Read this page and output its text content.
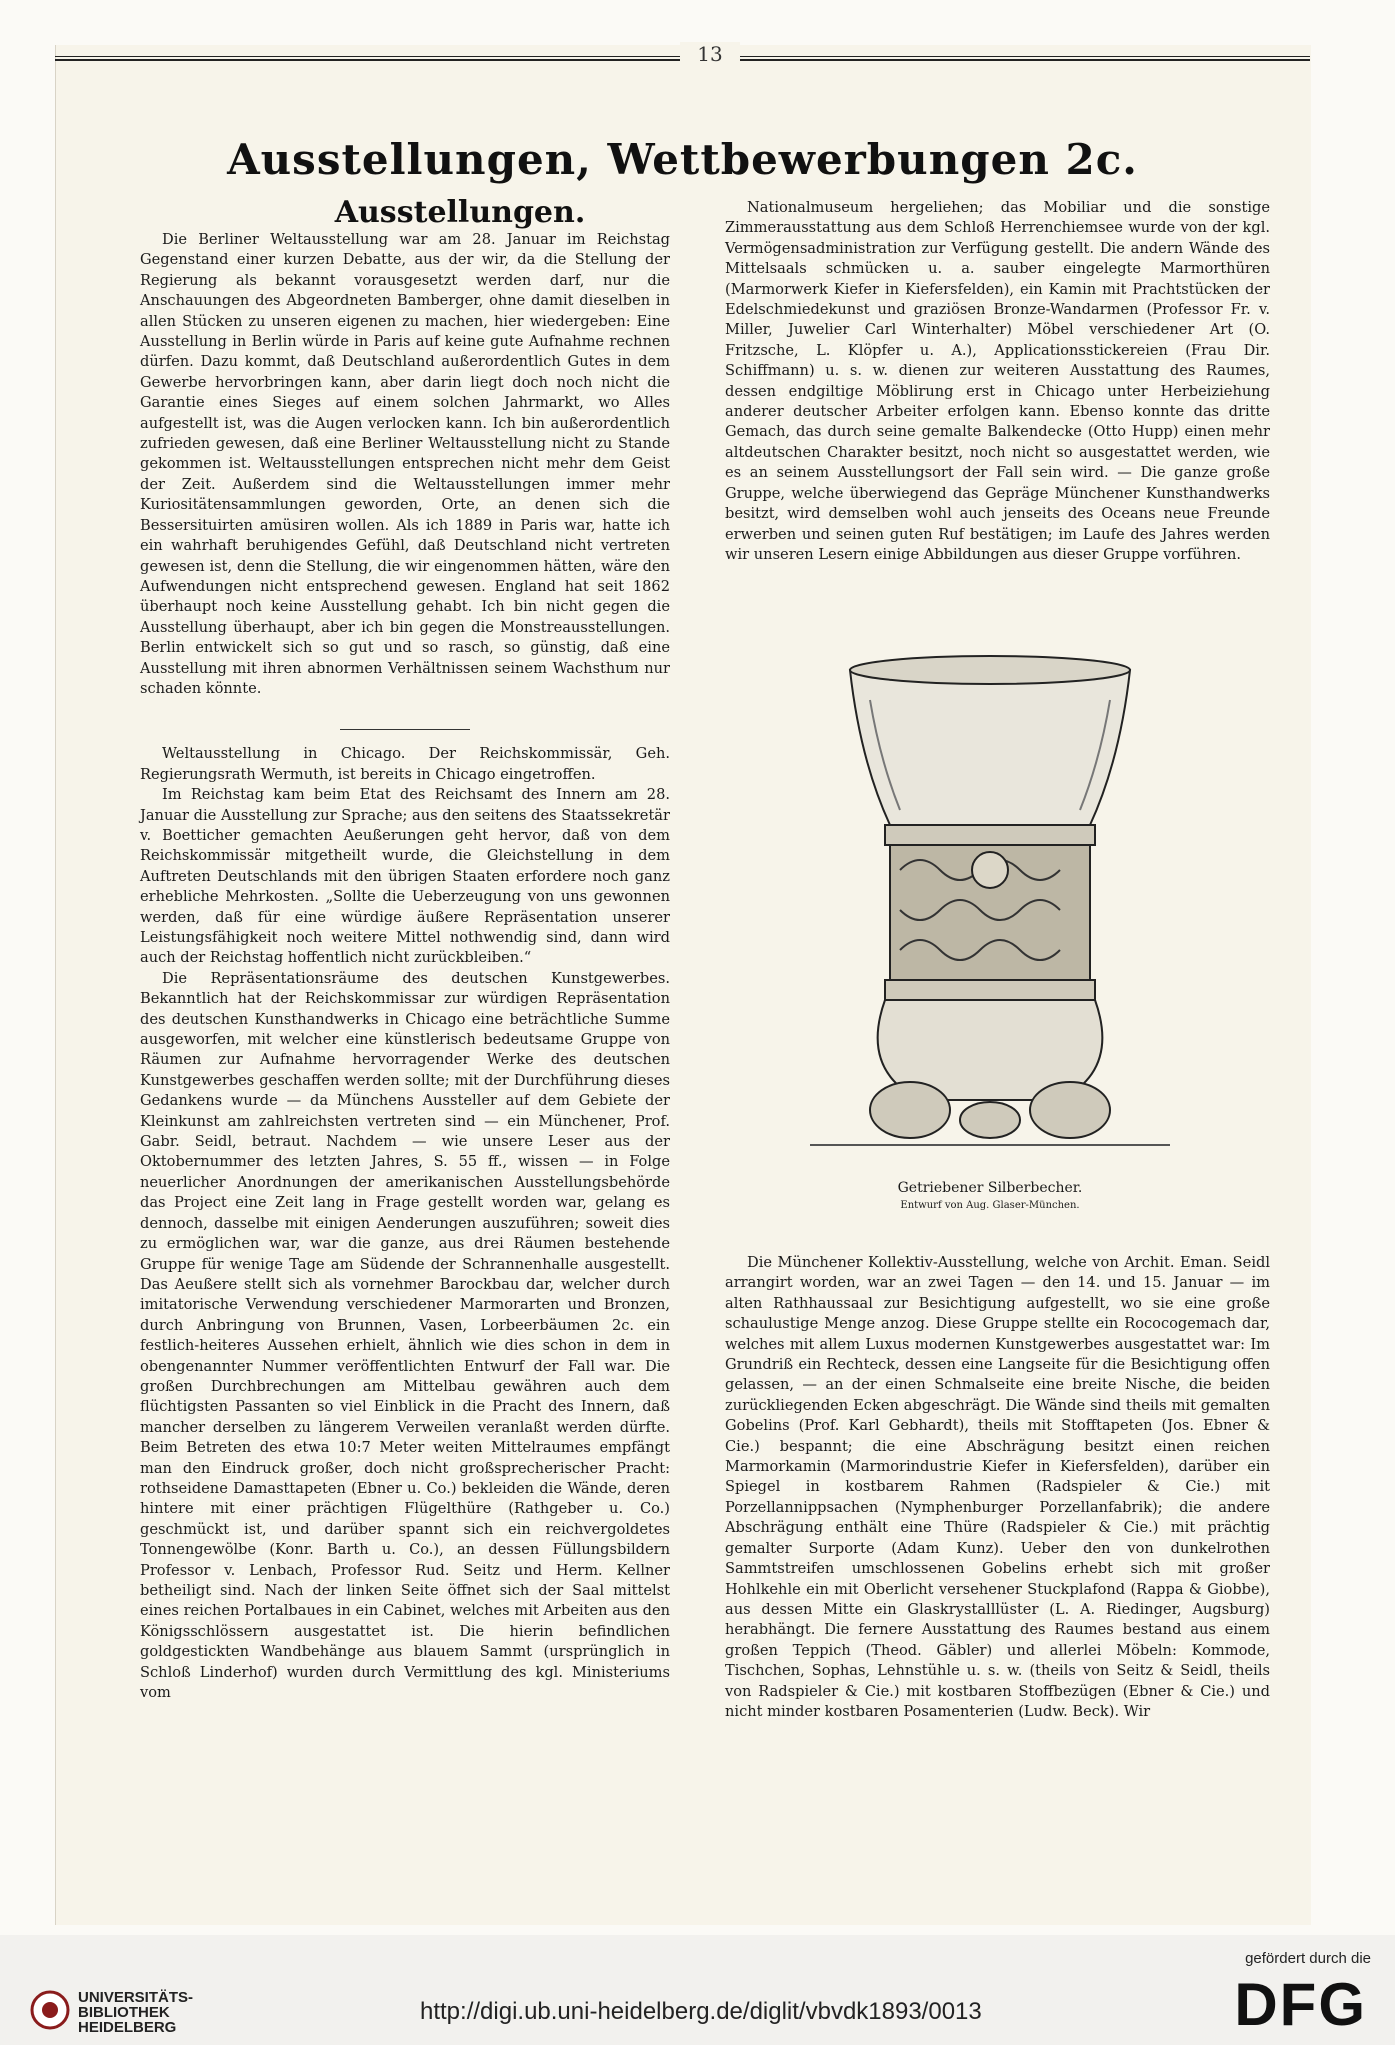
13
Ausstellungen, Wettbewerbungen 2c.
Ausstellungen.

Die Berliner Weltausstellung war am 28. Januar im Reichstag Gegenstand einer kurzen Debatte, aus der wir, da die Stellung der Regierung als bekannt vorausgesetzt werden darf, nur die Anschauungen des Abgeordneten Bamberger, ohne damit dieselben in allen Stücken zu unseren eigenen zu machen, hier wiedergeben: Eine Ausstellung in Berlin würde in Paris auf keine gute Aufnahme rechnen dürfen. Dazu kommt, daß Deutschland außerordentlich Gutes in dem Gewerbe hervorbringen kann, aber darin liegt doch noch nicht die Garantie eines Sieges auf einem solchen Jahrmarkt, wo Alles aufgestellt ist, was die Augen verlocken kann. Ich bin außerordentlich zufrieden gewesen, daß eine Berliner Weltausstellung nicht zu Stande gekommen ist. Weltausstellungen entsprechen nicht mehr dem Geist der Zeit. Außerdem sind die Weltausstellungen immer mehr Kuriositätensammlungen geworden, Orte, an denen sich die Bessersituirten amüsiren wollen. Als ich 1889 in Paris war, hatte ich ein wahrhaft beruhigendes Gefühl, daß Deutschland nicht vertreten gewesen ist, denn die Stellung, die wir eingenommen hätten, wäre den Aufwendungen nicht entsprechend gewesen. England hat seit 1862 überhaupt noch keine Ausstellung gehabt. Ich bin nicht gegen die Ausstellung überhaupt, aber ich bin gegen die Monstreausstellungen. Berlin entwickelt sich so gut und so rasch, so günstig, daß eine Ausstellung mit ihren abnormen Verhältnissen seinem Wachsthum nur schaden könnte.

Weltausstellung in Chicago. Der Reichskommissär, Geh. Regierungsrath Wermuth, ist bereits in Chicago eingetroffen.

Im Reichstag kam beim Etat des Reichsamt des Innern am 28. Januar die Ausstellung zur Sprache; aus den seitens des Staatssekretär v. Boetticher gemachten Aeußerungen geht hervor, daß von dem Reichskommissär mitgetheilt wurde, die Gleichstellung in dem Auftreten Deutschlands mit den übrigen Staaten erfordere noch ganz erhebliche Mehrkosten. „Sollte die Ueberzeugung von uns gewonnen werden, daß für eine würdige äußere Repräsentation unserer Leistungsfähigkeit noch weitere Mittel nothwendig sind, dann wird auch der Reichstag hoffentlich nicht zurückbleiben.“

Die Repräsentationsräume des deutschen Kunstgewerbes. Bekanntlich hat der Reichskommissar zur würdigen Repräsentation des deutschen Kunsthandwerks in Chicago eine beträchtliche Summe ausgeworfen, mit welcher eine künstlerisch bedeutsame Gruppe von Räumen zur Aufnahme hervorragender Werke des deutschen Kunstgewerbes geschaffen werden sollte; mit der Durchführung dieses Gedankens wurde — da Münchens Aussteller auf dem Gebiete der Kleinkunst am zahlreichsten vertreten sind — ein Münchener, Prof. Gabr. Seidl, betraut. Nachdem — wie unsere Leser aus der Oktobernummer des letzten Jahres, S. 55 ff., wissen — in Folge neuerlicher Anordnungen der amerikanischen Ausstellungsbehörde das Project eine Zeit lang in Frage gestellt worden war, gelang es dennoch, dasselbe mit einigen Aenderungen auszuführen; soweit dies zu ermöglichen war, war die ganze, aus drei Räumen bestehende Gruppe für wenige Tage am Südende der Schrannenhalle ausgestellt. Das Aeußere stellt sich als vornehmer Barockbau dar, welcher durch imitatorische Verwendung verschiedener Marmorarten und Bronzen, durch Anbringung von Brunnen, Vasen, Lorbeerbäumen 2c. ein festlich-heiteres Aussehen erhielt, ähnlich wie dies schon in dem in obengenannter Nummer veröffentlichten Entwurf der Fall war. Die großen Durchbrechungen am Mittelbau gewähren auch dem flüchtigsten Passanten so viel Einblick in die Pracht des Innern, daß mancher derselben zu längerem Verweilen veranlaßt werden dürfte. Beim Betreten des etwa 10:7 Meter weiten Mittelraumes empfängt man den Eindruck großer, doch nicht großsprecherischer Pracht: rothseidene Damasttapeten (Ebner u. Co.) bekleiden die Wände, deren hintere mit einer prächtigen Flügelthüre (Rathgeber u. Co.) geschmückt ist, und darüber spannt sich ein reichvergoldetes Tonnengewölbe (Konr. Barth u. Co.), an dessen Füllungsbildern Professor v. Lenbach, Professor Rud. Seitz und Herm. Kellner betheiligt sind. Nach der linken Seite öffnet sich der Saal mittelst eines reichen Portalbaues in ein Cabinet, welches mit Arbeiten aus den Königsschlössern ausgestattet ist. Die hierin befindlichen goldgestickten Wandbehänge aus blauem Sammt (ursprünglich in Schloß Linderhof) wurden durch Vermittlung des kgl. Ministeriums vom

Nationalmuseum hergeliehen; das Mobiliar und die sonstige Zimmerausstattung aus dem Schloß Herrenchiemsee wurde von der kgl. Vermögensadministration zur Verfügung gestellt. Die andern Wände des Mittelsaals schmücken u. a. sauber eingelegte Marmorthüren (Marmorwerk Kiefer in Kiefersfelden), ein Kamin mit Prachtstücken der Edelschmiedekunst und graziösen Bronze-Wandarmen (Professor Fr. v. Miller, Juwelier Carl Winterhalter) Möbel verschiedener Art (O. Fritzsche, L. Klöpfer u. A.), Applicationsstickereien (Frau Dir. Schiffmann) u. s. w. dienen zur weiteren Ausstattung des Raumes, dessen endgiltige Möblirung erst in Chicago unter Herbeiziehung anderer deutscher Arbeiter erfolgen kann. Ebenso konnte das dritte Gemach, das durch seine gemalte Balkendecke (Otto Hupp) einen mehr altdeutschen Charakter besitzt, noch nicht so ausgestattet werden, wie es an seinem Ausstellungsort der Fall sein wird. — Die ganze große Gruppe, welche überwiegend das Gepräge Münchener Kunsthandwerks besitzt, wird demselben wohl auch jenseits des Oceans neue Freunde erwerben und seinen guten Ruf bestätigen; im Laufe des Jahres werden wir unseren Lesern einige Abbildungen aus dieser Gruppe vorführen.

Die Münchener Kollektiv-Ausstellung, welche von Archit. Eman. Seidl arrangirt worden, war an zwei Tagen — den 14. und 15. Januar — im alten Rathhaussaal zur Besichtigung aufgestellt, wo sie eine große schaulustige Menge anzog. Diese Gruppe stellte ein Rococogemach dar, welches mit allem Luxus modernen Kunstgewerbes ausgestattet war: Im Grundriß ein Rechteck, dessen eine Langseite für die Besichtigung offen gelassen, — an der einen Schmalseite eine breite Nische, die beiden zurückliegenden Ecken abgeschrägt. Die Wände sind theils mit gemalten Gobelins (Prof. Karl Gebhardt), theils mit Stofftapeten (Jos. Ebner & Cie.) bespannt; die eine Abschrägung besitzt einen reichen Marmorkamin (Marmorindustrie Kiefer in Kiefersfelden), darüber ein Spiegel in kostbarem Rahmen (Radspieler & Cie.) mit Porzellannippsachen (Nymphenburger Porzellanfabrik); die andere Abschrägung enthält eine Thüre (Radspieler & Cie.) mit prächtig gemalter Surporte (Adam Kunz). Ueber den von dunkelrothen Sammtstreifen umschlossenen Gobelins erhebt sich mit großer Hohlkehle ein mit Oberlicht versehener Stuckplafond (Rappa & Giobbe), aus dessen Mitte ein Glaskrystalllüster (L. A. Riedinger, Augsburg) herabhängt. Die fernere Ausstattung des Raumes bestand aus einem großen Teppich (Theod. Gäbler) und allerlei Möbeln: Kommode, Tischchen, Sophas, Lehnstühle u. s. w. (theils von Seitz & Seidl, theils von Radspieler & Cie.) mit kostbaren Stoffbezügen (Ebner & Cie.) und nicht minder kostbaren Posamenterien (Ludw. Beck). Wir

Getriebener Silberbecher.
Entwurf von Aug. Glaser-München.
UNIVERSITÄTS-
BIBLIOTHEK
HEIDELBERG
http://digi.ub.uni-heidelberg.de/diglit/vbvdk1893/0013
gefördert durch die
DFG
